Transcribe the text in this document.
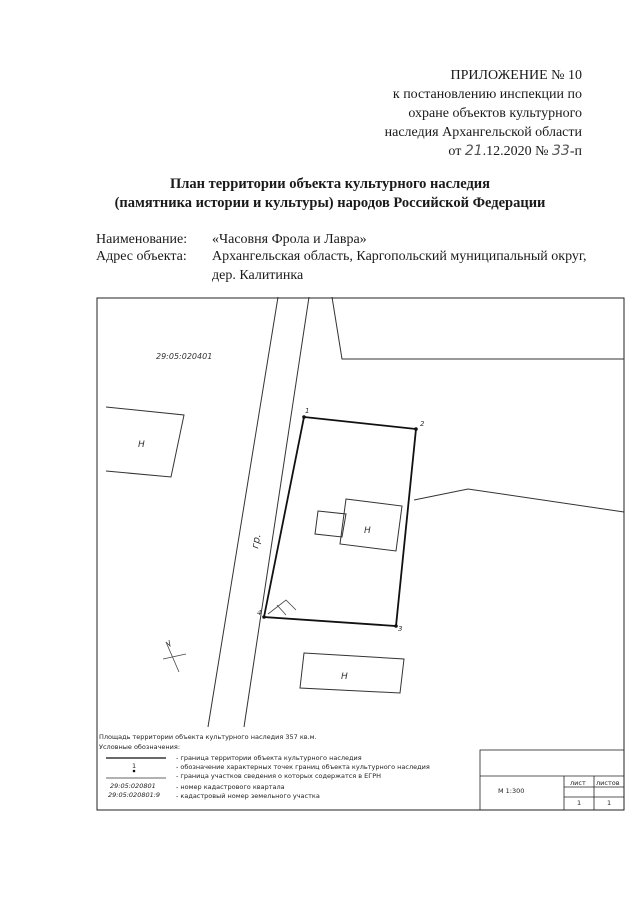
ПРИЛОЖЕНИЕ № 10
к постановлению инспекции по
охране объектов культурного
наследия Архангельской области
от 21.12.2020 № 33-п
План территории объекта культурного наследия
(памятника истории и культуры) народов Российской Федерации
Наименование: «Часовня Фрола и Лавра»
Адрес объекта: Архангельская область, Каргопольский муниципальный округ, дер. Калитинка
гр.
29:05:020401
Н
1
2
3
4
Н
Н
Площадь территории объекта культурного наследия 357 кв.м.
Условные обозначения:
1
29:05:020801
29:05:020801:9
- граница территории объекта культурного наследия
- обозначение характерных точек границ объекта культурного наследия
- граница участков сведения о которых содержатся в ЕГРН
- номер кадастрового квартала
- кадастровый номер земельного участка
М 1:300
лист листов
1	1
